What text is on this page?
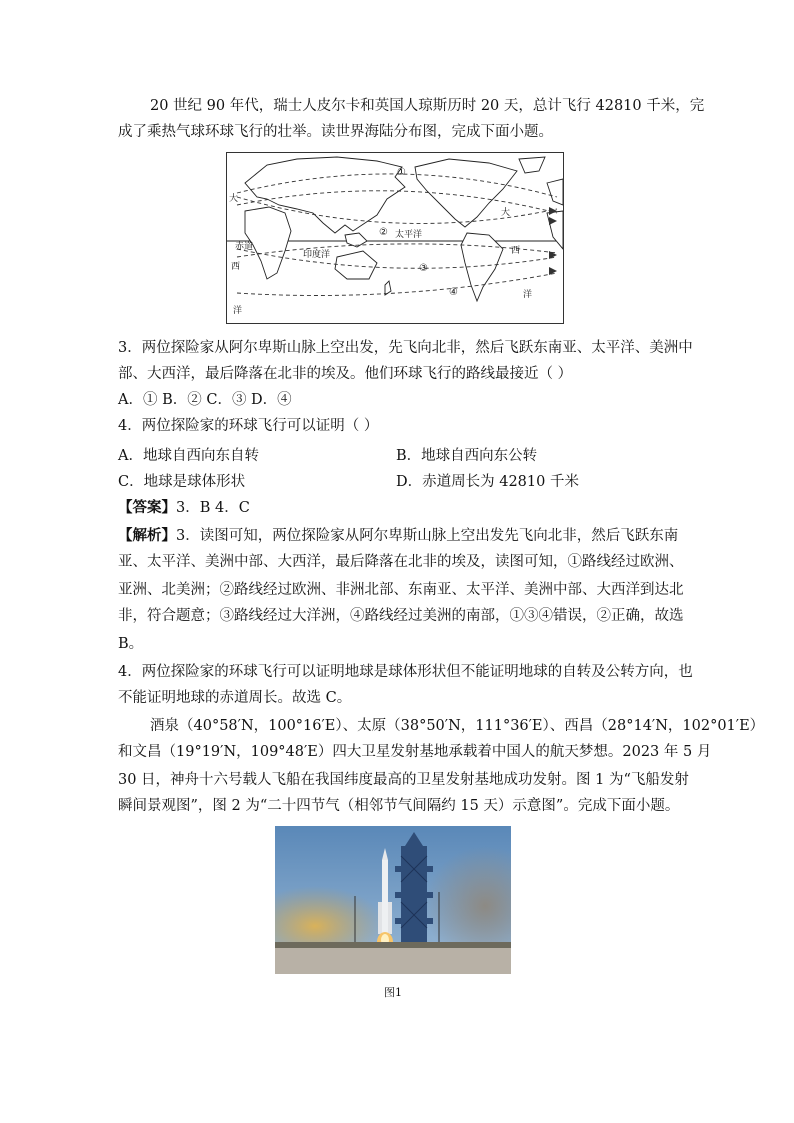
20 世纪 90 年代，瑞士人皮尔卡和英国人琼斯历时 20 天，总计飞行 42810 千米，完
成了乘热气球环球飞行的壮举。读世界海陆分布图，完成下面小题。
①
②
③
④
大
赤道
西
洋
印度洋
太平洋
大
西
洋
3．两位探险家从阿尔卑斯山脉上空出发，先飞向北非，然后飞跃东南亚、太平洋、美洲中
部、大西洋，最后降落在北非的埃及。他们环球飞行的路线最接近（ ）
A．① B．② C．③ D．④
4．两位探险家的环球飞行可以证明（ ）
A．地球自西向东自转	B．地球自西向东公转
C．地球是球体形状	D．赤道周长为 42810 千米
【答案】3．B 4．C
【解析】3．读图可知，两位探险家从阿尔卑斯山脉上空出发先飞向北非，然后飞跃东南
亚、太平洋、美洲中部、大西洋，最后降落在北非的埃及，读图可知，①路线经过欧洲、
亚洲、北美洲；②路线经过欧洲、非洲北部、东南亚、太平洋、美洲中部、大西洋到达北
非，符合题意；③路线经过大洋洲，④路线经过美洲的南部，①③④错误，②正确，故选
B。
4．两位探险家的环球飞行可以证明地球是球体形状但不能证明地球的自转及公转方向，也
不能证明地球的赤道周长。故选 C。
酒泉（40°58′N，100°16′E）、太原（38°50′N，111°36′E）、西昌（28°14′N，102°01′E）
和文昌（19°19′N，109°48′E）四大卫星发射基地承载着中国人的航天梦想。2023 年 5 月
30 日，神舟十六号载人飞船在我国纬度最高的卫星发射基地成功发射。图 1 为“飞船发射
瞬间景观图”，图 2 为“二十四节气（相邻节气间隔约 15 天）示意图”。完成下面小题。
图1
